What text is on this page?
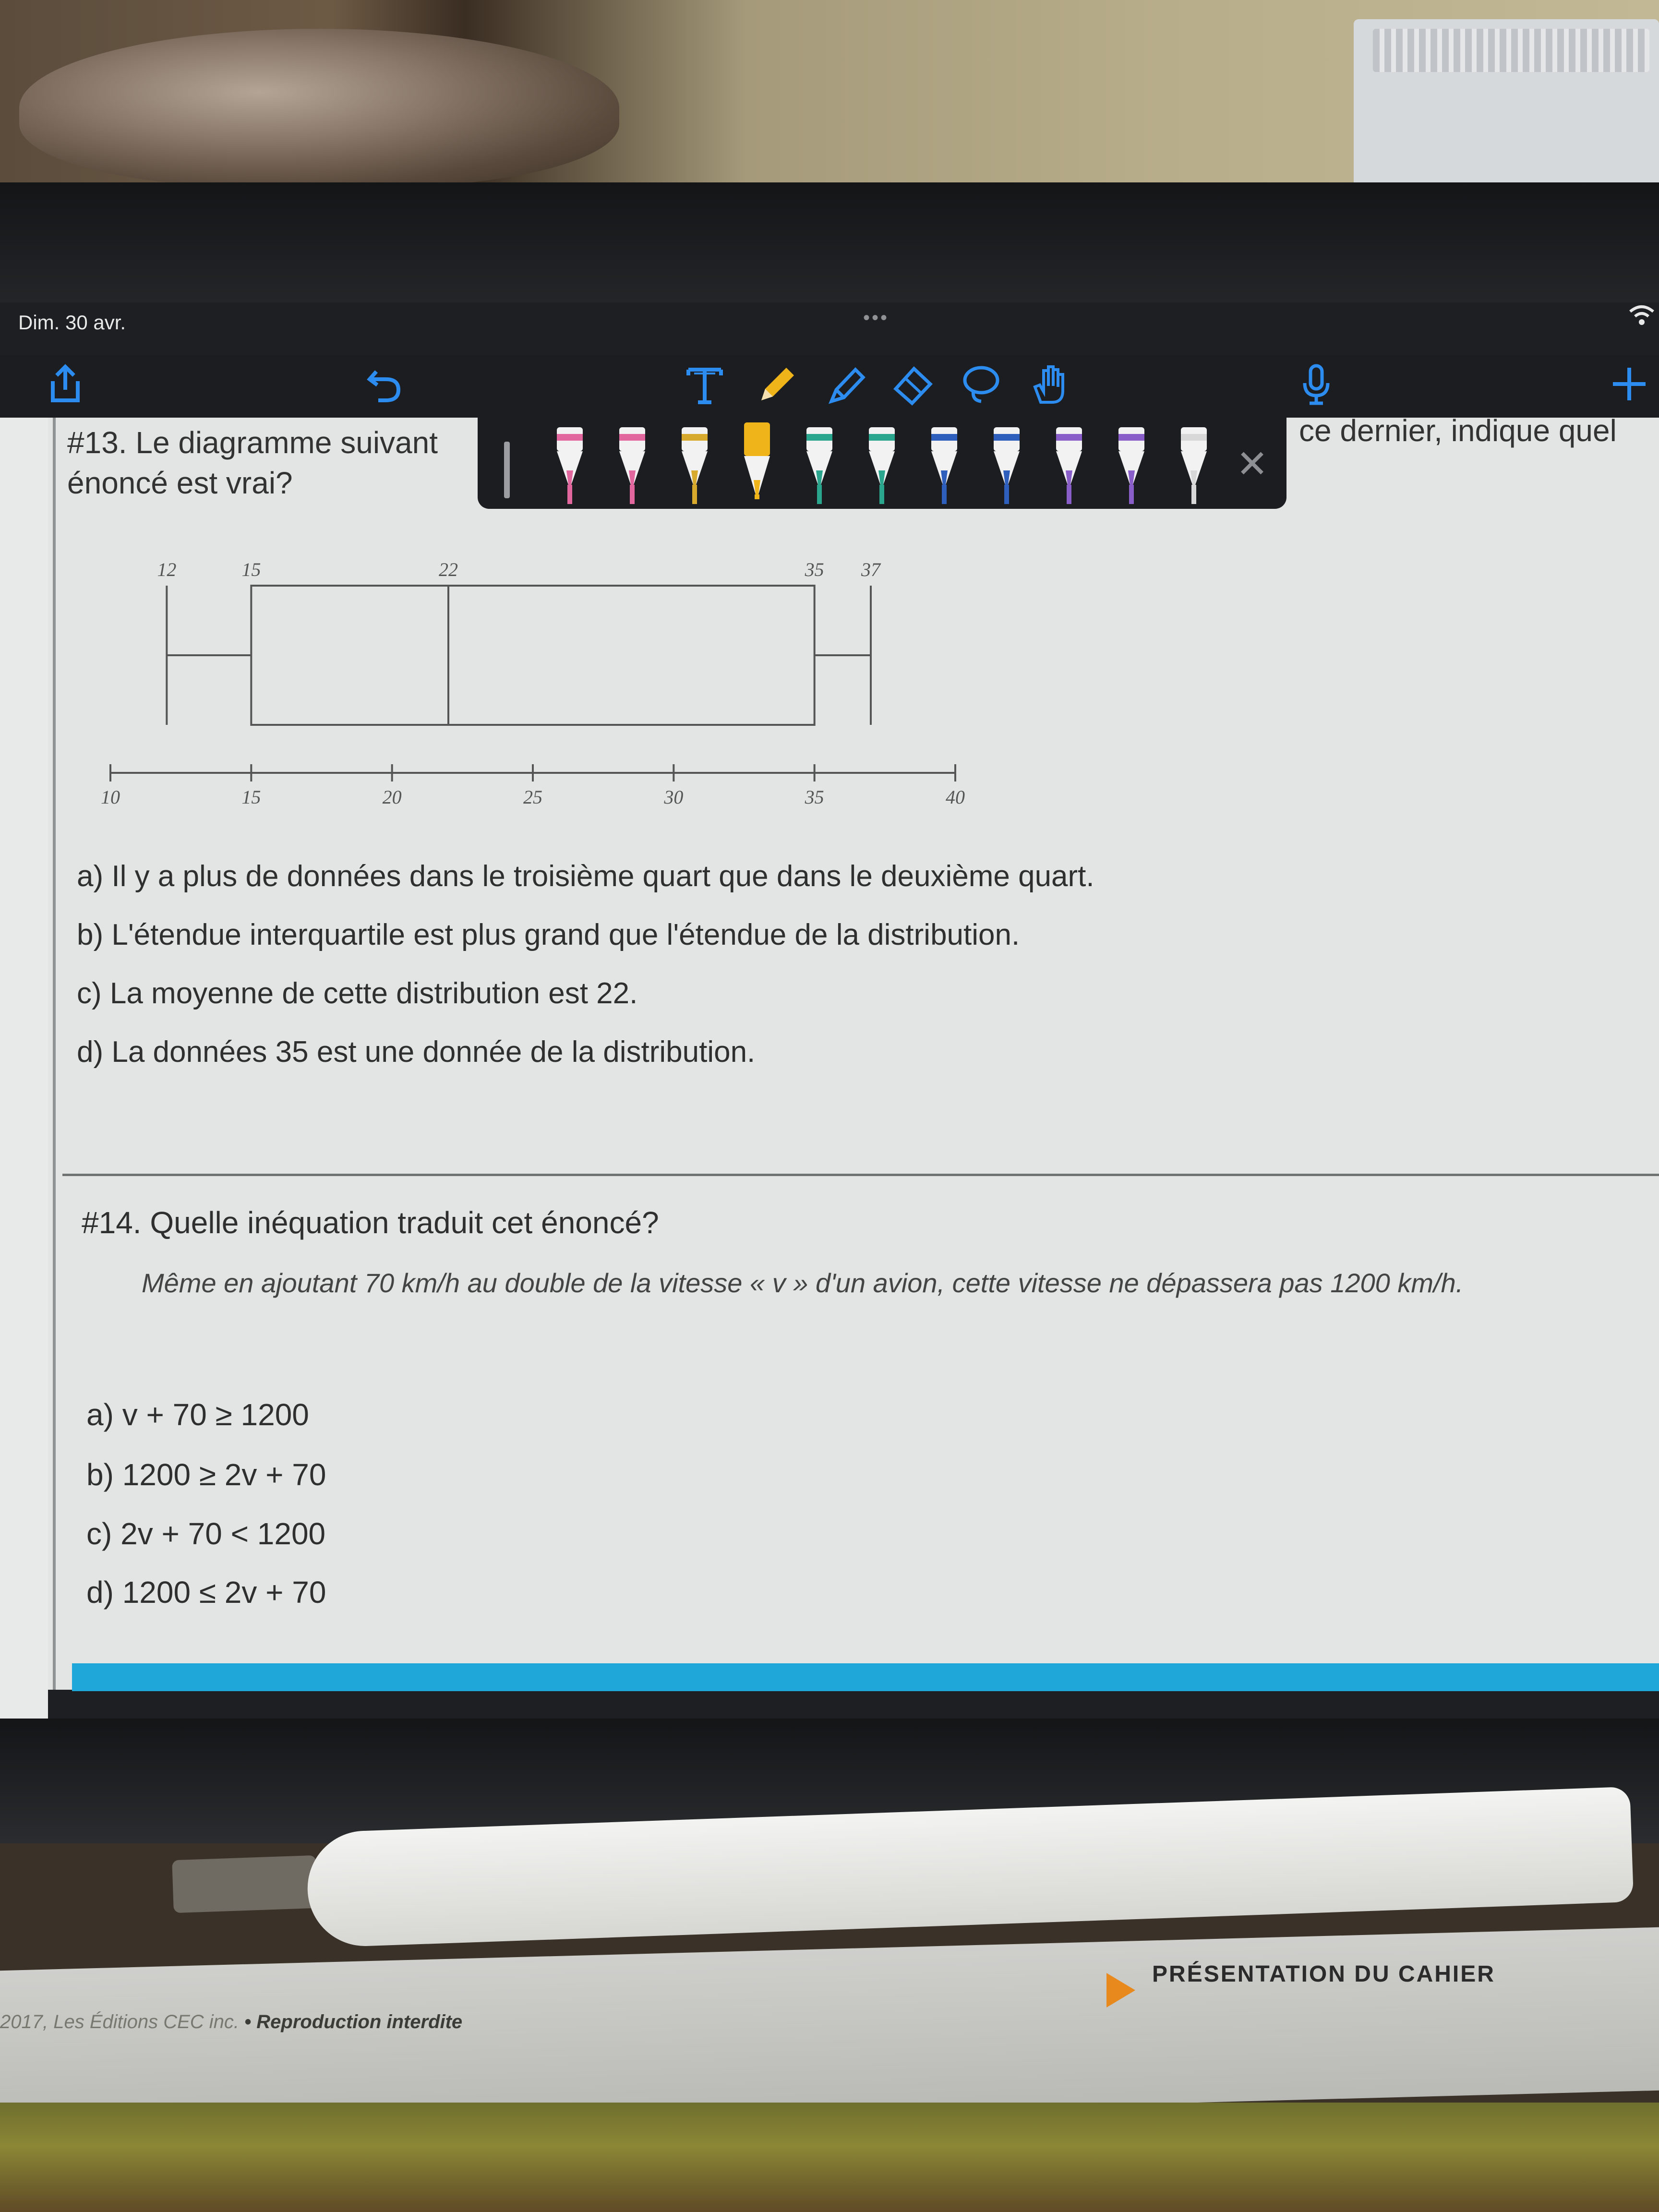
Dim. 30 avr.	•••
#13. Le diagramme suivant
énoncé est vrai?
ce dernier, indique quel
✕
12	15	22	35 37
10	15	20	25	30	35	40
a) Il y a plus de données dans le troisième quart que dans le deuxième quart.
b) L'étendue interquartile est plus grand que l'étendue de la distribution.
c) La moyenne de cette distribution est 22.
d) La données 35 est une donnée de la distribution.
#14. Quelle inéquation traduit cet énoncé?
Même en ajoutant 70 km/h au double de la vitesse « v » d'un avion, cette vitesse ne dépassera pas 1200 km/h.
a) v + 70 ≥ 1200
b) 1200 ≥ 2v + 70
c) 2v + 70 < 1200
d) 1200 ≤ 2v + 70
2017, Les Éditions CEC inc. • Reproduction interdite
PRÉSENTATION DU CAHIER
